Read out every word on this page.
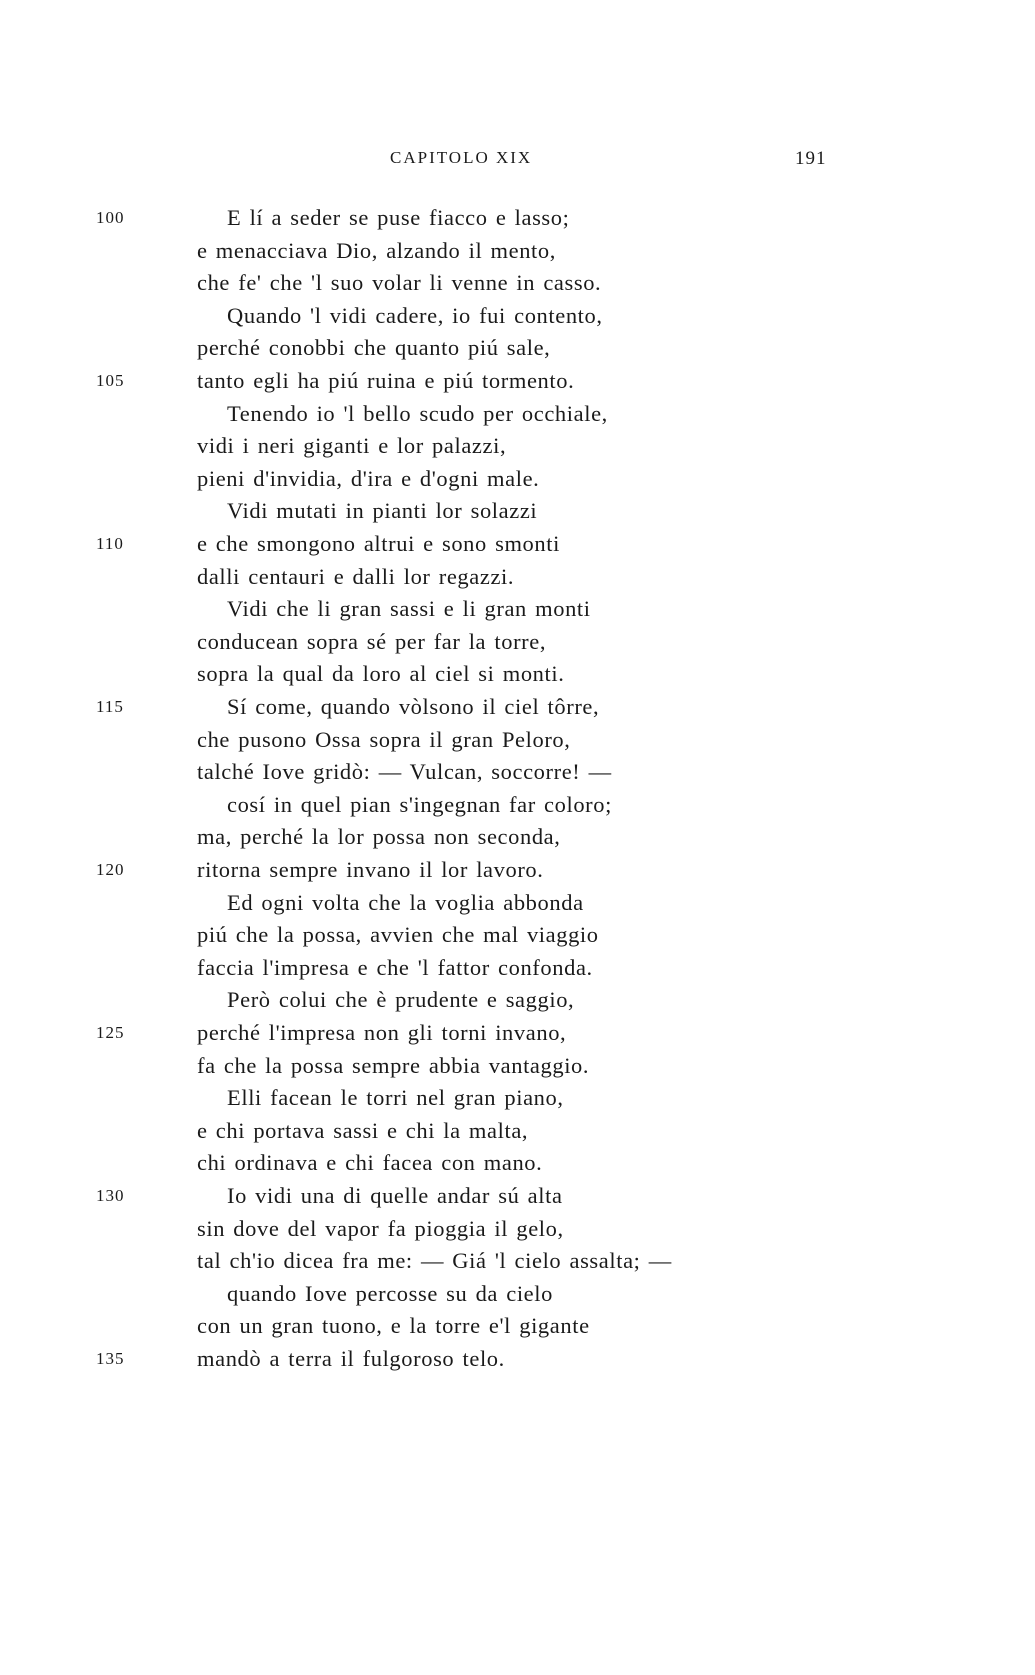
CAPITOLO XIX	191
100	E lí a seder se puse fiacco e lasso;
e menacciava Dio, alzando il mento,
che fe' che 'l suo volar li venne in casso.
Quando 'l vidi cadere, io fui contento,
perché conobbi che quanto piú sale,
105	tanto egli ha piú ruina e piú tormento.
Tenendo io 'l bello scudo per occhiale,
vidi i neri giganti e lor palazzi,
pieni d'invidia, d'ira e d'ogni male.
Vidi mutati in pianti lor solazzi
110	e che smongono altrui e sono smonti
dalli centauri e dalli lor regazzi.
Vidi che li gran sassi e li gran monti
conducean sopra sé per far la torre,
sopra la qual da loro al ciel si monti.
115	Sí come, quando vòlsono il ciel tôrre,
che pusono Ossa sopra il gran Peloro,
talché Iove gridò: — Vulcan, soccorre! —
cosí in quel pian s'ingegnan far coloro;
ma, perché la lor possa non seconda,
120	ritorna sempre invano il lor lavoro.
Ed ogni volta che la voglia abbonda
piú che la possa, avvien che mal viaggio
faccia l'impresa e che 'l fattor confonda.
Però colui che è prudente e saggio,
125	perché l'impresa non gli torni invano,
fa che la possa sempre abbia vantaggio.
Elli facean le torri nel gran piano,
e chi portava sassi e chi la malta,
chi ordinava e chi facea con mano.
130	Io vidi una di quelle andar sú alta
sin dove del vapor fa pioggia il gelo,
tal ch'io dicea fra me: — Giá 'l cielo assalta; —
quando Iove percosse su da cielo
con un gran tuono, e la torre e'l gigante
135	mandò a terra il fulgoroso telo.
